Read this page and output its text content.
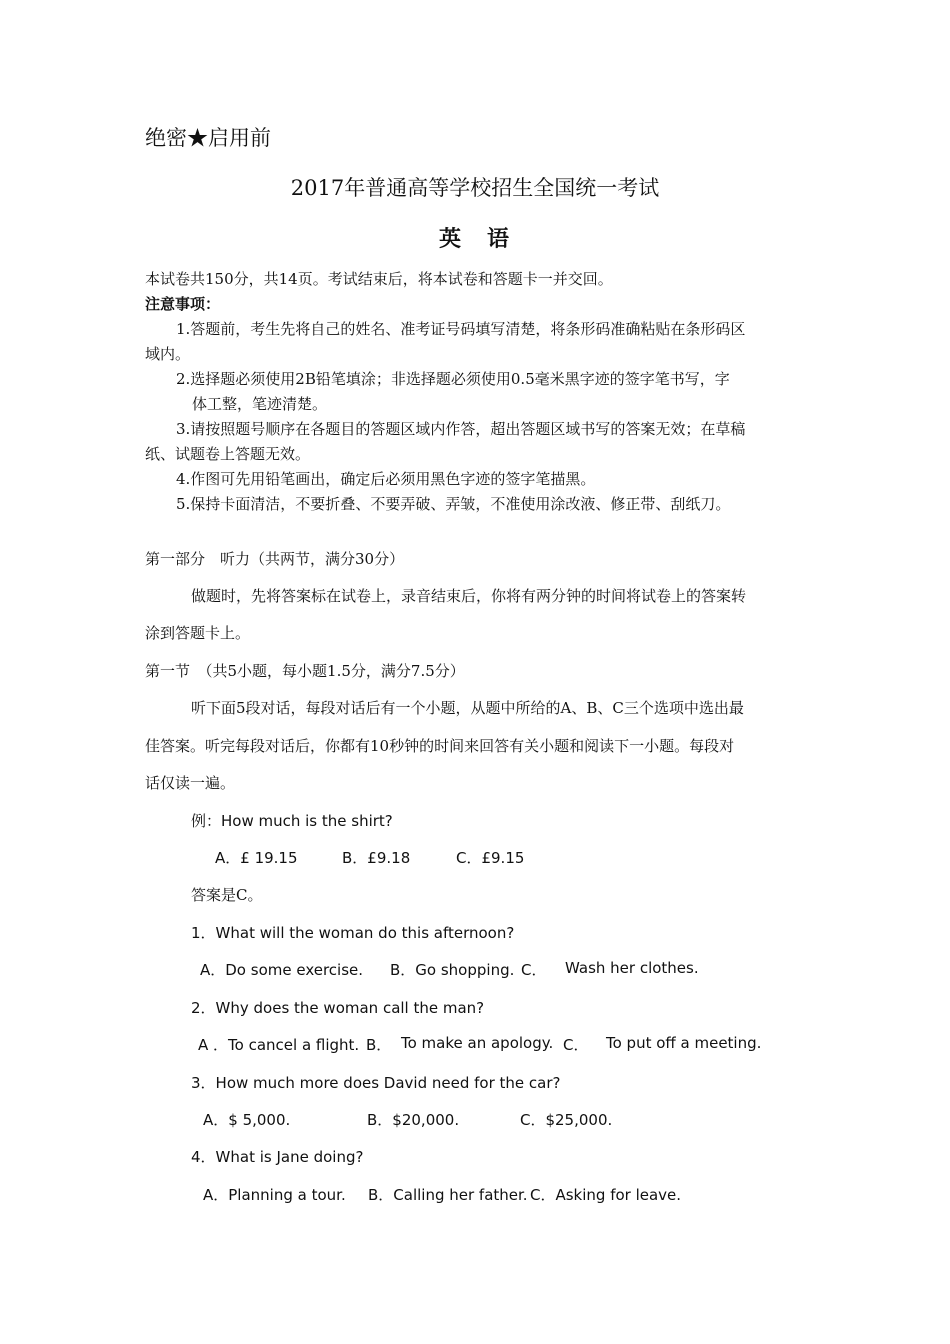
绝密★启用前
2017年普通高等学校招生全国统一考试
英　语
本试卷共150分，共14页。考试结束后，将本试卷和答题卡一并交回。
注意事项：
1.答题前，考生先将自己的姓名、准考证号码填写清楚，将条形码准确粘贴在条形码区
域内。
2.选择题必须使用2B铅笔填涂；非选择题必须使用0.5毫米黑字迹的签字笔书写，字
体工整，笔迹清楚。
3.请按照题号顺序在各题目的答题区域内作答，超出答题区域书写的答案无效；在草稿
纸、试题卷上答题无效。
4.作图可先用铅笔画出，确定后必须用黑色字迹的签字笔描黑。
5.保持卡面清洁，不要折叠、不要弄破、弄皱，不准使用涂改液、修正带、刮纸刀。
第一部分　听力（共两节，满分30分）
做题时，先将答案标在试卷上，录音结束后，你将有两分钟的时间将试卷上的答案转
涂到答题卡上。
第一节　（共5小题，每小题1.5分，满分7.5分）
听下面5段对话，每段对话后有一个小题，从题中所给的A、B、C三个选项中选出最
佳答案。听完每段对话后，你都有10秒钟的时间来回答有关小题和阅读下一小题。每段对
话仅读一遍。
例：How much is the shirt?
A．£ 19.15	B．£9.18	C．£9.15
答案是C。
1．What will the woman do this afternoon?
A．Do some exercise. B．Go shopping. C． Wash her clothes.
2．Why does the woman call the man?
A ．To cancel a flight. B． To make an apology. C． To put off a meeting.
3．How much more does David need for the car?
A．$ 5,000.	B．$20,000.	C．$25,000.
4．What is Jane doing?
A．Planning a tour. B．Calling her father. C．Asking for leave.
